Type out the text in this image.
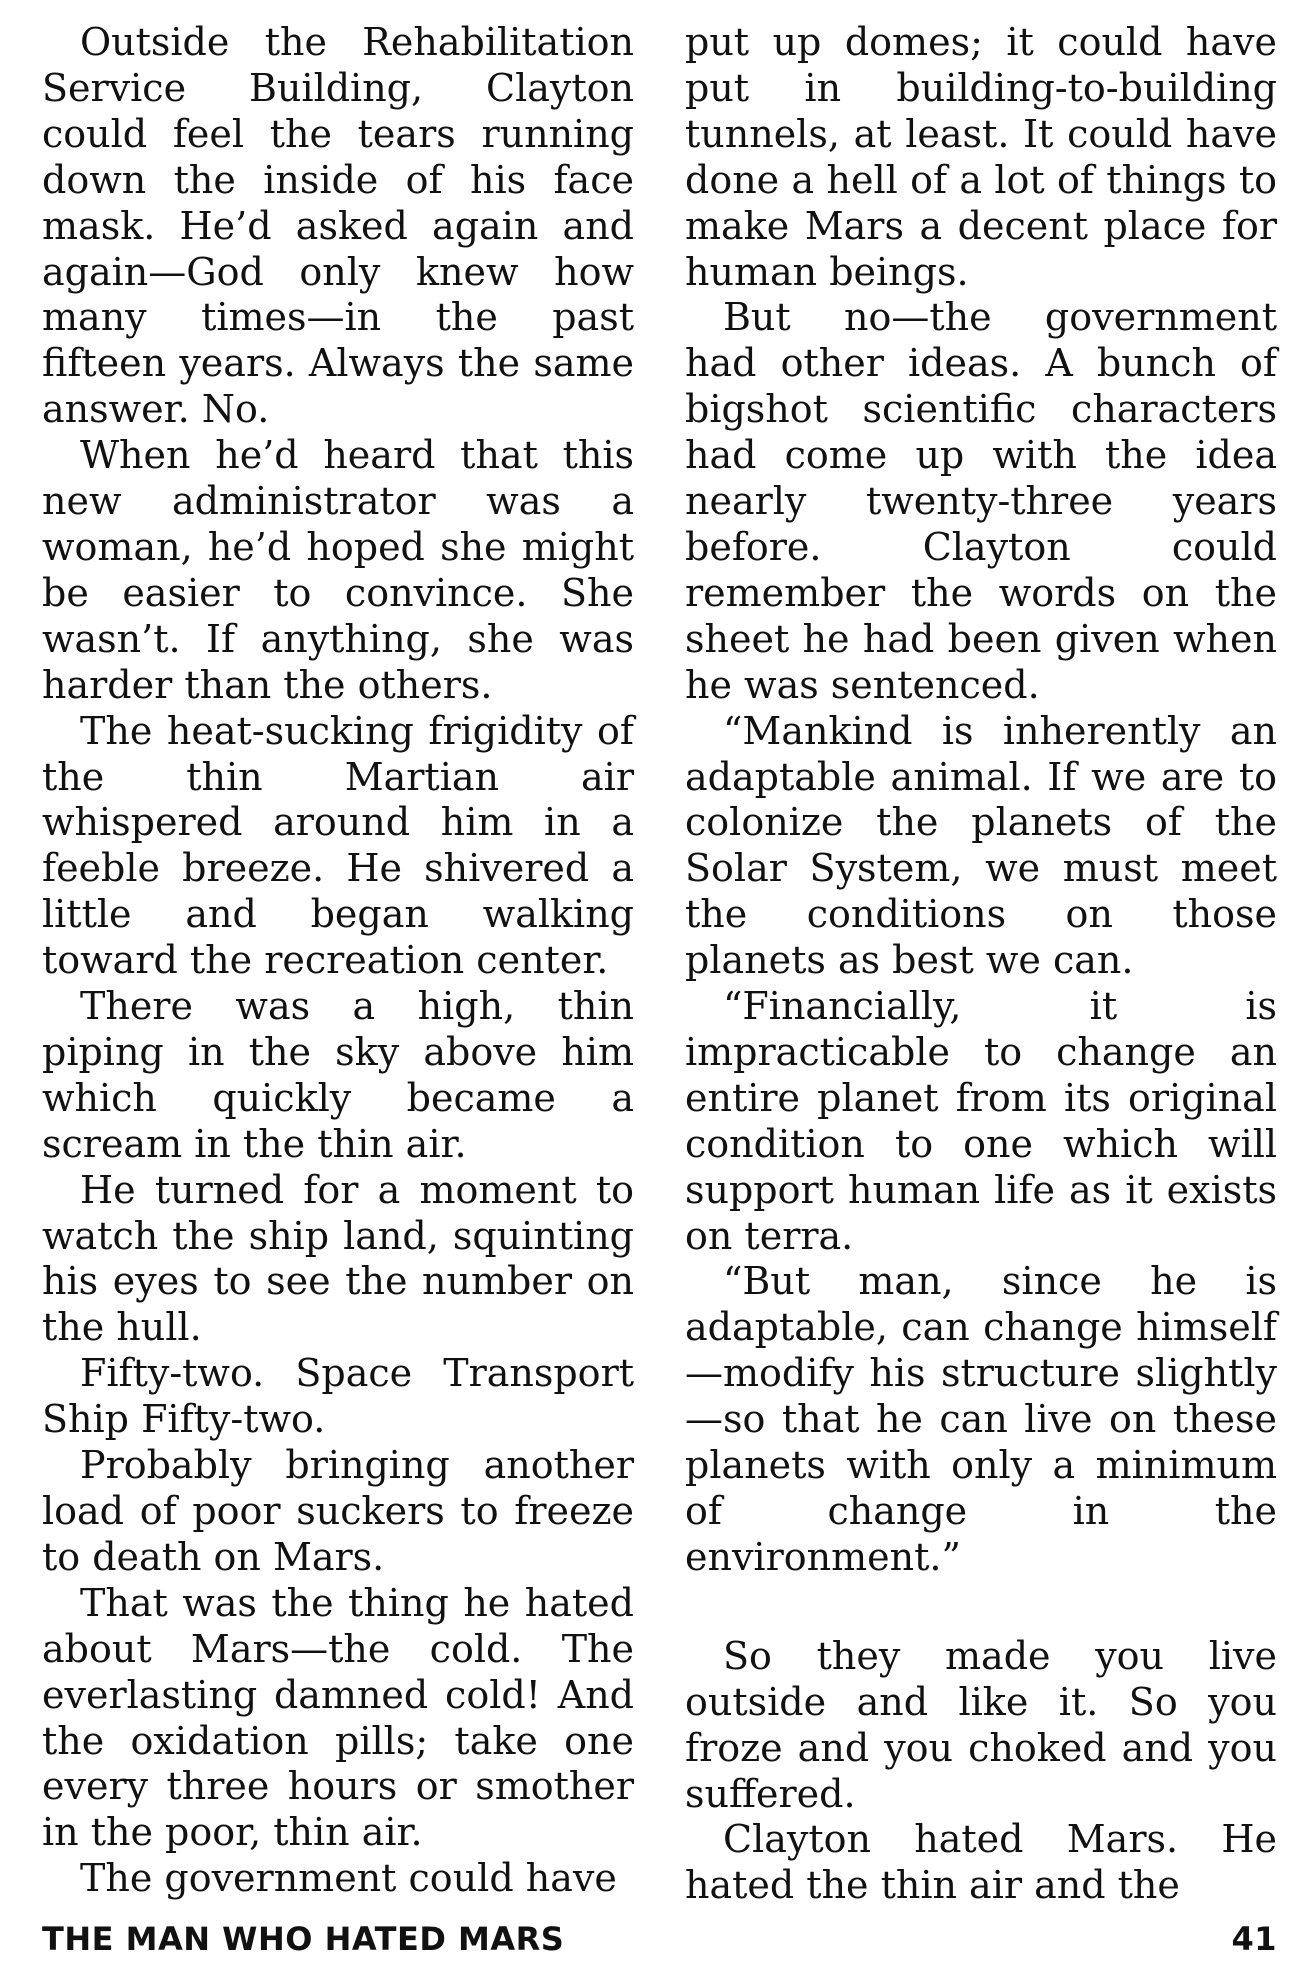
Outside the Rehabilitation Service Building, Clayton could feel the tears running down the inside of his face mask. He’d asked again and again—God only knew how many times—in the past fifteen years. Always the same answer. No.

When he’d heard that this new administrator was a woman, he’d hoped she might be easier to convince. She wasn’t. If anything, she was harder than the others.

The heat-sucking frigidity of the thin Martian air whispered around him in a feeble breeze. He shivered a little and began walking toward the recreation center.

There was a high, thin piping in the sky above him which quickly became a scream in the thin air.

He turned for a moment to watch the ship land, squinting his eyes to see the number on the hull.

Fifty-two. Space Transport Ship Fifty-two.

Probably bringing another load of poor suckers to freeze to death on Mars.

That was the thing he hated about Mars—the cold. The everlasting damned cold! And the oxidation pills; take one every three hours or smother in the poor, thin air.

The government could have

put up domes; it could have put in building-to-building tunnels, at least. It could have done a hell of a lot of things to make Mars a decent place for human beings.

But no—the government had other ideas. A bunch of bigshot scientific characters had come up with the idea nearly twenty-three years before. Clayton could remember the words on the sheet he had been given when he was sentenced.

“Mankind is inherently an adaptable animal. If we are to colonize the planets of the Solar System, we must meet the conditions on those planets as best we can.

“Financially, it is impracticable to change an entire planet from its original condition to one which will support human life as it exists on terra.

“But man, since he is adaptable, can change himself—modify his structure slightly—so that he can live on these planets with only a minimum of change in the environment.”

So they made you live outside and like it. So you froze and you choked and you suffered.

Clayton hated Mars. He hated the thin air and the

THE MAN WHO HATED MARS	41
